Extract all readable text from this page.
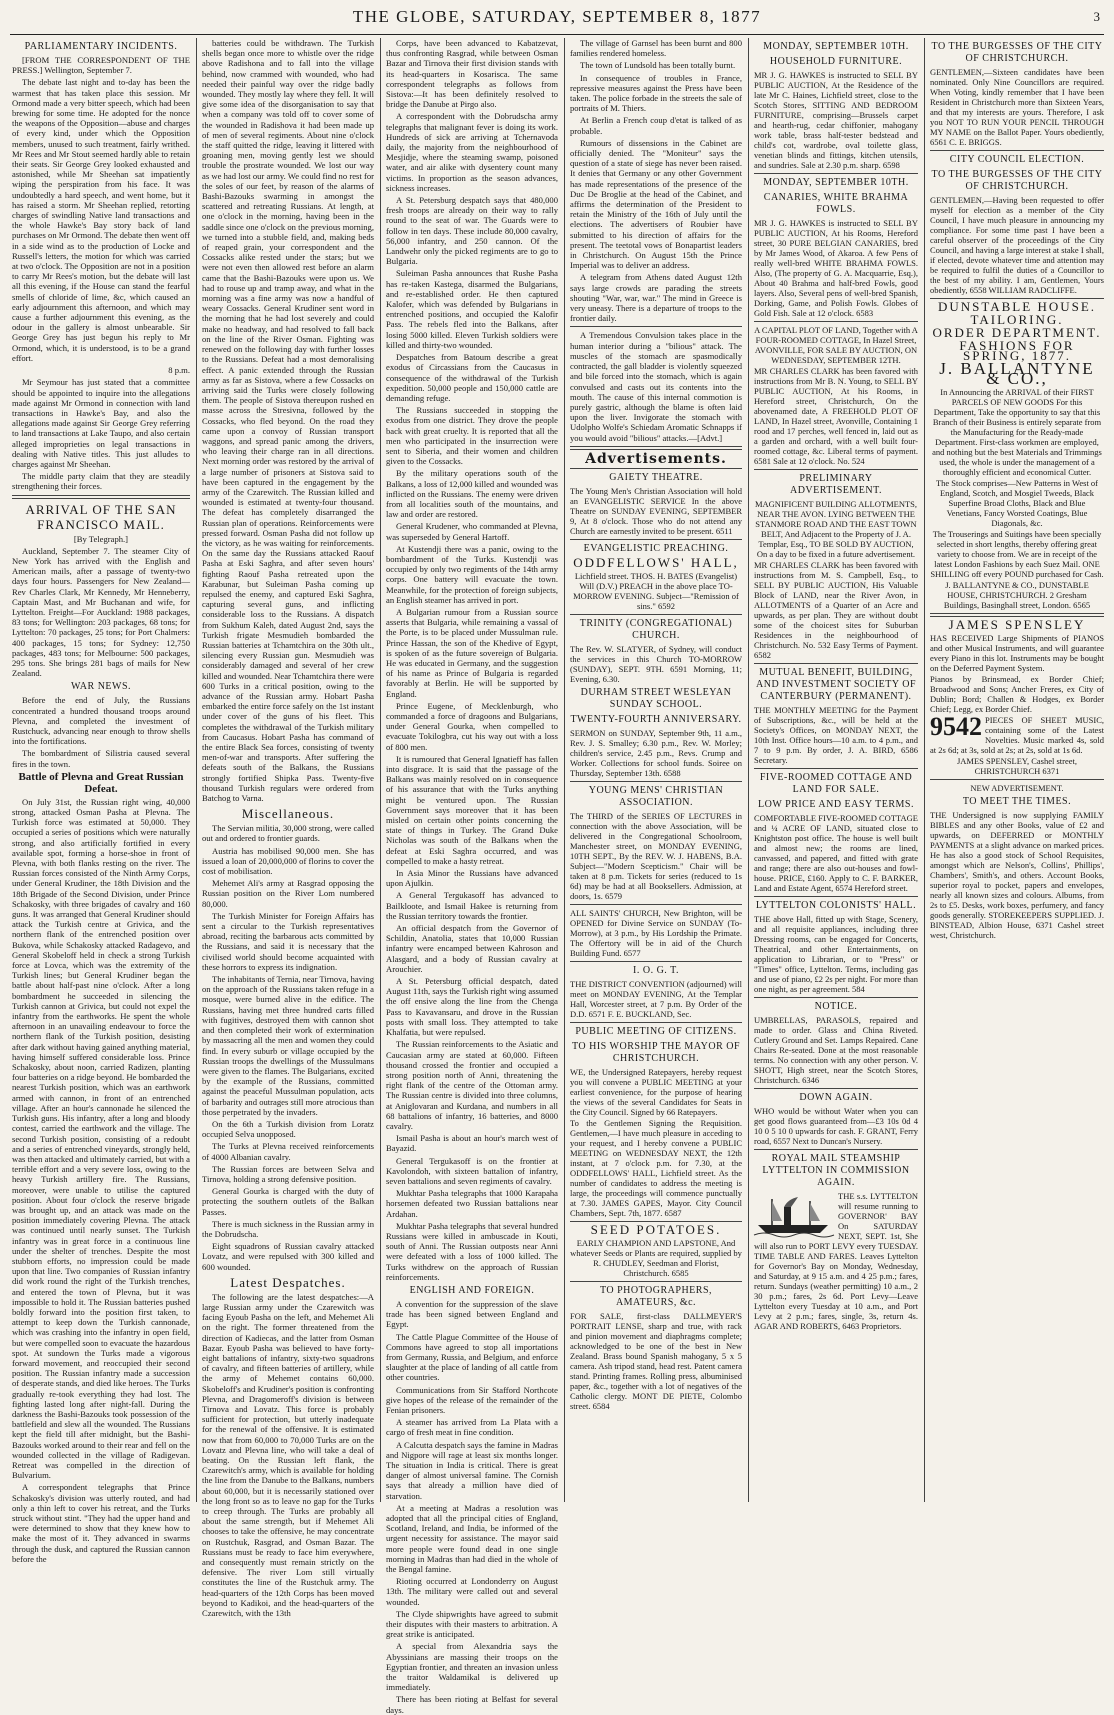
THE GLOBE, SATURDAY, SEPTEMBER 8, 1877	3
PARLIAMENTARY INCIDENTS.

[FROM THE CORRESPONDENT OF THE PRESS.] Wellington, September 7.

The debate last night and to-day has been the warmest that has taken place this session. Mr Ormond made a very bitter speech, which had been brewing for some time. He adopted for the nonce the weapons of the Opposition—abuse and charges of every kind, under which the Opposition members, unused to such treatment, fairly writhed. Mr Rees and Mr Stout seemed hardly able to retain their seats. Sir George Grey looked exhausted and astonished, while Mr Sheehan sat impatiently wiping the perspiration from his face. It was undoubtedly a hard speech, and went home, but it has raised a storm. Mr Sheehan replied, retorting charges of swindling Native land transactions and the whole Hawke's Bay story back of land purchases on Mr Ormond. The debate then went off in a side wind as to the production of Locke and Russell's letters, the motion for which was carried at two o'clock. The Opposition are not in a position to carry Mr Rees's motion, but the debate will last all this evening, if the House can stand the fearful smells of chloride of lime, &c, which caused an early adjournment this afternoon, and which may cause a further adjournment this evening, as the odour in the gallery is almost unbearable. Sir George Grey has just begun his reply to Mr Ormond, which, it is understood, is to be a grand effort.

8 p.m.

Mr Seymour has just stated that a committee should be appointed to inquire into the allegations made against Mr Ormond in connection with land transactions in Hawke's Bay, and also the allegations made against Sir George Grey referring to land transactions at Lake Taupo, and also certain alleged improprieties on legal transactions in dealing with Native titles. This just alludes to charges against Mr Sheehan.

The middle party claim that they are steadily strengthening their forces.

ARRIVAL OF THE SAN FRANCISCO MAIL.

[By Telegraph.]

Auckland, September 7. The steamer City of New York has arrived with the English and American mails, after a passage of twenty-two days four hours. Passengers for New Zealand—Rev Charles Clark, Mr Kennedy, Mr Henneberry, Captain Mast, and Mr Buchanan and wife, for Lyttelton. Freight—For Auckland: 1988 packages, 83 tons; for Wellington: 203 packages, 68 tons; for Lyttelton: 70 packages, 25 tons; for Port Chalmers: 400 packages, 15 tons; for Sydney: 12,750 packages, 483 tons; for Melbourne: 500 packages, 295 tons. She brings 281 bags of mails for New Zealand.

WAR NEWS.

Before the end of July, the Russians concentrated a hundred thousand troops around Plevna, and completed the investment of Rustchuck, advancing near enough to throw shells into the fortifications.

The bombardment of Silistria caused several fires in the town.

Battle of Plevna and Great Russian Defeat.

On July 31st, the Russian right wing, 40,000 strong, attacked Osman Pasha at Plevna. The Turkish force was estimated at 50,000. They occupied a series of positions which were naturally strong, and also artificially fortified in every available spot, forming a horse-shoe in front of Plevna, with both flanks resting on the river. The Russian forces consisted of the Ninth Army Corps, under General Krudiner, the 18th Division and the 18th Brigade of the Second Division, under Prince Schakosky, with three brigades of cavalry and 160 guns. It was arranged that General Krudiner should attack the Turkish centre at Grivica, and the northern flank of the entrenched position over Bukova, while Schakosky attacked Radagevo, and General Skobeloff held in check a strong Turkish force at Lovca, which was the extremity of the Turkish lines; but General Krudiner began the battle about half-past nine o'clock. After a long bombardment he succeeded in silencing the Turkish cannon at Grivica, but could not expel the infantry from the earthworks. He spent the whole afternoon in an unavailing endeavour to force the northern flank of the Turkish position, desisting after dark without having gained anything material, having himself suffered considerable loss. Prince Schakosky, about noon, carried Radizen, planting four batteries on a ridge beyond. He bombarded the nearest Turkish position, which was an earthwork armed with cannon, in front of an entrenched village. After an hour's cannonade he silenced the Turkish guns. His infantry, after a long and bloody contest, carried the earthwork and the village. The second Turkish position, consisting of a redoubt and a series of entrenched vineyards, strongly held, was then attacked and ultimately carried, but with a terrible effort and a very severe loss, owing to the heavy Turkish artillery fire. The Russians, moreover, were unable to utilise the captured position. About four o'clock the reserve brigade was brought up, and an attack was made on the position immediately covering Plevna. The attack was continued until nearly sunset. The Turkish infantry was in great force in a continuous line under the shelter of trenches. Despite the most stubborn efforts, no impression could be made upon that line. Two companies of Russian infantry did work round the right of the Turkish trenches, and entered the town of Plevna, but it was impossible to hold it. The Russian batteries pushed boldly forward into the position first taken, to attempt to keep down the Turkish cannonade, which was crashing into the infantry in open field, but were compelled soon to evacuate the hazardous spot. At sundown the Turks made a vigorous forward movement, and reoccupied their second position. The Russian infantry made a succession of desperate stands, and died like heroes. The Turks gradually re-took everything they had lost. The fighting lasted long after night-fall. During the darkness the Bashi-Bazouks took possession of the battlefield and slew all the wounded. The Russians kept the field till after midnight, but the Bashi-Bazouks worked around to their rear and fell on the wounded collected in the village of Radigevan. Retreat was compelled in the direction of Bulvarium.

A correspondent telegraphs that Prince Schakosky's division was utterly routed, and had only a thin left to cover his retreat, and the Turks struck without stint. "They had the upper hand and were determined to show that they knew how to make the most of it. They advanced in swarms through the dusk, and captured the Russian cannon before the

batteries could be withdrawn. The Turkish shells began once more to whistle over the ridge above Radishona and to fall into the village behind, now crammed with wounded, who had needed their painful way over the ridge badly wounded. They mostly lay where they fell. It will give some idea of the disorganisation to say that when a company was told off to cover some of the wounded in Radishova it had been made up of men of several regiments. About nine o'clock the staff quitted the ridge, leaving it littered with groaning men, moving gently lest we should trouble the prostrate wounded. We lost our way as we had lost our army. We could find no rest for the soles of our feet, by reason of the alarms of Bashi-Bazouks swarming in amongst the scattered and retreating Russians. At length, at one o'clock in the morning, having been in the saddle since one o'clock on the previous morning, we turned into a stubble field, and, making beds of reaped grain, your correspondent and the Cossacks alike rested under the stars; but we were not even then allowed rest before an alarm came that the Bashi-Bazouks were upon us. We had to rouse up and tramp away, and what in the morning was a fine army was now a handful of weary Cossacks. General Krudiner sent word in the morning that he had lost severely and could make no headway, and had resolved to fall back on the line of the River Osman. Fighting was renewed on the following day with further losses to the Russians. Defeat had a most demoralising effect. A panic extended through the Russian army as far as Sistova, where a few Cossacks on arriving said the Turks were closely following them. The people of Sistova thereupon rushed en masse across the Stresivna, followed by the Cossacks, who fled beyond. On the road they came upon a convoy of Russian transport waggons, and spread panic among the drivers, who leaving their charge ran in all directions. Next morning order was restored by the arrival of a large number of prisoners at Sistova said to have been captured in the engagement by the army of the Czarewitch. The Russian killed and wounded is estimated at twenty-four thousand. The defeat has completely disarranged the Russian plan of operations. Reinforcements were pressed forward. Osman Pasha did not follow up the victory, as he was waiting for reinforcements. On the same day the Russians attacked Raouf Pasha at Eski Saghra, and after seven hours' fighting Raouf Pasha retreated upon the Karabunar, but Suleiman Pasha coming up repulsed the enemy, and captured Eski Saghra, capturing several guns, and inflicting considerable loss to the Russians. A dispatch from Sukhum Kaleh, dated August 2nd, says the Turkish frigate Mesmudieh bombarded the Russian batteries at Tchamtchira on the 30th ult., silencing every Russian gun. Mesmudieh was considerably damaged and several of her crew killed and wounded. Near Tchamtchira there were 600 Turks in a critical position, owing to the advance of the Russian army. Hobart Pasha embarked the entire force safely on the 1st instant under cover of the guns of his fleet. This completes the withdrawal of the Turkish military from Caucasus. Hobart Pasha has command of the entire Black Sea forces, consisting of twenty men-of-war and transports. After suffering the defeats south of the Balkans, the Russians strongly fortified Shipka Pass. Twenty-five thousand Turkish regulars were ordered from Batchog to Varna.

Miscellaneous.

The Servian militia, 30,000 strong, were called out and ordered to frontier guards.

Austria has mobilised 90,000 men. She has issued a loan of 20,000,000 of florins to cover the cost of mobilisation.

Mehemet Ali's army at Rasgrad opposing the Russian position on the River Lom numbered 80,000.

The Turkish Minister for Foreign Affairs has sent a circular to the Turkish representatives abroad, reciting the barbarous acts committed by the Russians, and said it is necessary that the civilised world should become acquainted with these horrors to express its indignation.

The inhabitants of Ternia, near Tirnova, having on the approach of the Russians taken refuge in a mosque, were burned alive in the edifice. The Russians, having met three hundred carts filled with fugitives, destroyed them with cannon shot and then completed their work of extermination by massacring all the men and women they could find. In every suburb or village occupied by the Russian troops the dwellings of the Mussulmans were given to the flames. The Bulgarians, excited by the example of the Russians, committed against the peaceful Mussulman population, acts of barbarity and outrages still more atrocious than those perpetrated by the invaders.

On the 6th a Turkish division from Loratz occupied Selva unopposed.

The Turks at Plevna received reinforcements of 4000 Albanian cavalry.

The Russian forces are between Selva and Tirnova, holding a strong defensive position.

General Gourka is charged with the duty of protecting the southern outlets of the Balkan Passes.

There is much sickness in the Russian army in the Dobrudscha.

Eight squadrons of Russian cavalry attacked Lovatz, and were repulsed with 300 killed and 600 wounded.

Latest Despatches.

The following are the latest despatches:—A large Russian army under the Czarewitch was facing Eyoub Pasha on the left, and Mehemet Ali on the right. The former threatened from the direction of Kadiecas, and the latter from Osman Bazar. Eyoub Pasha was believed to have forty-eight battalions of infantry, sixty-two squadrons of cavalry, and fifteen batteries of artillery, while the army of Mehemet contains 60,000. Skobeloff's and Krudiner's position is confronting Plevna, and Dragomeroff's division is between Tirnova and Lovatz. This force is probably sufficient for protection, but utterly inadequate for the renewal of the offensive. It is estimated now that from 60,000 to 70,000 Turks are on the Lovatz and Plevna line, who will take a deal of beating. On the Russian left flank, the Czarewitch's army, which is available for holding the line from the Danube to the Balkans, numbers about 60,000, but it is necessarily stationed over the long front so as to leave no gap for the Turks to creep through. The Turks are probably all about the same strength, but if Mehemet Ali chooses to take the offensive, he may concentrate on Rustchuk, Rasgrad, and Osman Bazar. The Russians must be ready to face him everywhere, and consequently must remain strictly on the defensive. The river Lom still virtually constitutes the line of the Rustchuk army. The head-quarters of the 12th Corps has been moved beyond to Kadikoi, and the head-quarters of the Czarewitch, with the 13th

Corps, have been advanced to Kabatzevat, thus confronting Rasgrad, while between Osman Bazar and Tirnova their first division stands with its head-quarters in Kosarisca. The same correspondent telegraphs as follows from Sistova:—It has been definitely resolved to bridge the Danube at Pirgo also.

A correspondent with the Dobrudscha army telegraphs that malignant fever is doing its work. Hundreds of sick are arriving at Tchernavoda daily, the majority from the neighbourhood of Mesjidje, where the steaming swamp, poisoned water, and air alike with dysentery count many victims. In proportion as the season advances, sickness increases.

A St. Petersburg despatch says that 480,000 fresh troops are already on their way to rally round to the seat of war. The Guards were to follow in ten days. These include 80,000 cavalry, 56,000 infantry, and 250 cannon. Of the Landwehr only the picked regiments are to go to Bulgaria.

Suleiman Pasha announces that Rushe Pasha has re-taken Kastega, disarmed the Bulgarians, and re-established order. He then captured Kalofer, which was defended by Bulgarians in entrenched positions, and occupied the Kalofir Pass. The rebels fled into the Balkans, after losing 5000 killed. Eleven Turkish soldiers were killed and thirty-two wounded.

Despatches from Batoum describe a great exodus of Circassians from the Caucasus in consequence of the withdrawal of the Turkish expedition. 50,000 people and 150,000 cattle are demanding refuge.

The Russians succeeded in stopping the exodus from one district. They drove the people back with great cruelty. It is reported that all the men who participated in the insurrection were sent to Siberia, and their women and children given to the Cossacks.

By the military operations south of the Balkans, a loss of 12,000 killed and wounded was inflicted on the Russians. The enemy were driven from all localities south of the mountains, and law and order are restored.

General Krudener, who commanded at Plevna, was superseded by General Hartoff.

At Kustendji there was a panic, owing to the bombardment of the Turks. Kustendji was occupied by only two regiments of the 14th army corps. One battery will evacuate the town. Meanwhile, for the protection of foreign subjects, an English steamer has arrived in port.

A Bulgarian rumour from a Russian source asserts that Bulgaria, while remaining a vassal of the Porte, is to be placed under Mussulman rule. Prince Hassan, the son of the Khedive of Egypt, is spoken of as the future sovereign of Bulgaria. He was educated in Germany, and the suggestion of his name as Prince of Bulgaria is regarded favorably at Berlin. He will be supported by England.

Prince Eugene, of Mecklenburgh, who commanded a force of dragoons and Bulgarians, under General Gourka, when compelled to evacuate Tokilogbra, cut his way out with a loss of 800 men.

It is rumoured that General Ignatieff has fallen into disgrace. It is said that the passage of the Balkans was mainly resolved on in consequence of his assurance that with the Turks anything might be ventured upon. The Russian Government says moreover that it has been misled on certain other points concerning the state of things in Turkey. The Grand Duke Nicholas was south of the Balkans when the defeat at Eski Saghra occurred, and was compelled to make a hasty retreat.

In Asia Minor the Russians have advanced upon Ajulkin.

A General Tergukasoff has advanced to Bailkloote, and Ismail Hakee is returning from the Russian territory towards the frontier.

An official despatch from the Governor of Schildin, Anatolia, states that 10,000 Russian infantry were encamped between Kahroson and Alasgard, and a body of Russian cavalry at Arouchier.

A St. Petersburg official despatch, dated August 11th, says the Turkish right wing assumed the off ensive along the line from the Chenga Pass to Kavavansaru, and drove in the Russian posts with small loss. They attempted to take Khalfatia, but were repulsed.

The Russian reinforcements to the Asiatic and Caucasian army are stated at 60,000. Fifteen thousand crossed the frontier and occupied a strong position north of Anni, threatening the right flank of the centre of the Ottoman army. The Russian centre is divided into three columns, at Aniglovaran and Kurdana, and numbers in all 68 battalions of infantry, 16 batteries, and 8000 cavalry.

Ismail Pasha is about an hour's march west of Bayazid.

General Tergukasoff is on the frontier at Kavolondoh, with sixteen battalion of infantry, seven battalions and seven regiments of cavalry.

Mukhtar Pasha telegraphs that 1000 Karapaha horsemen defeated two Russian battalions near Ardahan.

Mukhtar Pasha telegraphs that several hundred Russians were killed in ambuscade in Kouti, south of Anni. The Russian outposts near Anni were defeated with a loss of 1000 killed. The Turks withdrew on the approach of Russian reinforcements.

ENGLISH AND FOREIGN.

A convention for the suppression of the slave trade has been signed between England and Egypt.

The Cattle Plague Committee of the House of Commons have agreed to stop all importations from Germany, Russia, and Belgium, and enforce slaughter at the place of landing of all cattle from other countries.

Communications from Sir Stafford Northcote give hopes of the release of the remainder of the Fenian prisoners.

A steamer has arrived from La Plata with a cargo of fresh meat in fine condition.

A Calcutta despatch says the famine in Madras and Nigpore will rage at least six months longer. The situation in India is critical. There is great danger of almost universal famine. The Cornish says that already a million have died of starvation.

At a meeting at Madras a resolution was adopted that all the principal cities of England, Scotland, Ireland, and India, be informed of the urgent necessity for assistance. The mayor said more people were found dead in one single morning in Madras than had died in the whole of the Bengal famine.

Rioting occurred at Londonderry on August 13th. The military were called out and several wounded.

The Clyde shipwrights have agreed to submit their disputes with their masters to arbitration. A great strike is anticipated.

A special from Alexandria says the Abyssinians are massing their troops on the Egyptian frontier, and threaten an invasion unless the traitor Waldamikal is delivered up immediately.

There has been rioting at Belfast for several days.

The village of Garnsel has been burnt and 800 families rendered homeless.

The town of Lundsold has been totally burnt.

In consequence of troubles in France, repressive measures against the Press have been taken. The police forbade in the streets the sale of portraits of M. Thiers.

At Berlin a French coup d'etat is talked of as probable.

Rumours of dissensions in the Cabinet are officially denied. The "Moniteur" says the question of a state of siege has never been raised. It denies that Germany or any other Government has made representations of the presence of the Duc De Broglie at the head of the Cabinet, and affirms the determination of the President to retain the Ministry of the 16th of July until the elections. The advertisers of Roubier have submitted to his direction of affairs for the present. The teetotal vows of Bonapartist leaders in Christchurch. On August 15th the Prince Imperial was to deliver an address.

A telegram from Athens dated August 12th says large crowds are parading the streets shouting "War, war, war." The mind in Greece is very uneasy. There is a departure of troops to the frontier daily.

A Tremendous Convulsion takes place in the human interior during a "bilious" attack. The muscles of the stomach are spasmodically contracted, the gall bladder is violently squeezed and bile forced into the stomach, which is again convulsed and casts out its contents into the mouth. The cause of this internal commotion is purely gastric, although the blame is often laid upon the liver. Invigorate the stomach with Udolpho Wolfe's Schiedam Aromatic Schnapps if you would avoid "bilious" attacks.—[Advt.]

Advertisements.
GAIETY THEATRE.

The Young Men's Christian Association will hold an EVANGELISTIC SERVICE In the above Theatre on SUNDAY EVENING, SEPTEMBER 9, At 8 o'clock. Those who do not attend any Church are earnestly invited to be present. 6511

EVANGELISTIC PREACHING.
ODDFELLOWS' HALL,

Lichfield street. THOS. H. BATES (Evangelist) Will (D.V.) PREACH in the above place TO-MORROW EVENING. Subject—"Remission of sins." 6592

TRINITY (CONGREGATIONAL) CHURCH.

The Rev. W. SLATYER, of Sydney, will conduct the services in this Church TO-MORROW (SUNDAY), SEPT. 9TH. 6591 Morning, 11; Evening, 6.30.

DURHAM STREET WESLEYAN SUNDAY SCHOOL.
TWENTY-FOURTH ANNIVERSARY.

SERMON on SUNDAY, September 9th, 11 a.m., Rev. J. S. Smalley; 6.30 p.m., Rev. W. Morley; children's service, 2.45 p.m., Revs. Crump and Worker. Collections for school funds. Soiree on Thursday, September 13th. 6588

YOUNG MENS' CHRISTIAN ASSOCIATION.

The THIRD of the SERIES OF LECTURES in connection with the above Association, will be delivered in the Congregational Schoolroom, Manchester street, on MONDAY EVENING, 10TH SEPT., By the REV. W. J. HABENS, B.A. Subject—"Modern Scepticism." Chair will be taken at 8 p.m. Tickets for series (reduced to 1s 6d) may be had at all Booksellers. Admission, at doors, 1s. 6579

ALL SAINTS' CHURCH, New Brighton, will be OPENED for Divine Service on SUNDAY (To-Morrow), at 3 p.m., by His Lordship the Primate. The Offertory will be in aid of the Church Building Fund. 6577

I. O. G. T.

THE DISTRICT CONVENTION (adjourned) will meet on MONDAY EVENING, At the Templar Hall, Worcester street, at 7 p.m. By Order of the D.D. 6571 F. E. BUCKLAND, Sec.

PUBLIC MEETING OF CITIZENS.
TO HIS WORSHIP THE MAYOR OF CHRISTCHURCH.

WE, the Undersigned Ratepayers, hereby request you will convene a PUBLIC MEETING at your earliest convenience, for the purpose of hearing the views of the several Candidates for Seats in the City Council. Signed by 66 Ratepayers.

To the Gentlemen Signing the Requisition. Gentlemen,—I have much pleasure in acceding to your request, and I hereby convene a PUBLIC MEETING on WEDNESDAY NEXT, the 12th instant, at 7 o'clock p.m. for 7.30, at the ODDFELLOWS' HALL, Lichfield street. As the number of candidates to address the meeting is large, the proceedings will commence punctually at 7.30. JAMES GAPES, Mayor. City Council Chambers, Sept. 7th, 1877. 6587

SEED POTATOES.

EARLY CHAMPION AND LAPSTONE, And whatever Seeds or Plants are required, supplied by R. CHUDLEY, Seedman and Florist, Christchurch. 6585

TO PHOTOGRAPHERS, AMATEURS, &c.

FOR SALE, first-class DALLMEYER'S PORTRAIT LENSE, sharp and true, with rack and pinion movement and diaphragms complete; acknowledged to be one of the best in New Zealand. Brass bound Spanish mahogany, 5 x 5 camera. Ash tripod stand, head rest. Patent camera stand. Printing frames. Rolling press, albuminised paper, &c., together with a lot of negatives of the Catholic clergy. MONT DE PIETE, Colombo street. 6584

MONDAY, SEPTEMBER 10TH.
HOUSEHOLD FURNITURE.

MR J. G. HAWKES is instructed to SELL BY PUBLIC AUCTION, At the Residence of the late Mr C. Haines, Lichfield street, close to the Scotch Stores, SITTING AND BEDROOM FURNITURE, comprising—Brussels carpet and hearth-rug, cedar chiffonier, mahogany work table, brass half-tester bedstead and child's cot, wardrobe, oval toilette glass, venetian blinds and fittings, kitchen utensils, and sundries. Sale at 2.30 p.m. sharp. 6598

MONDAY, SEPTEMBER 10TH.
CANARIES, WHITE BRAHMA FOWLS.

MR J. G. HAWKES is instructed to SELL BY PUBLIC AUCTION, At his Rooms, Hereford street, 30 PURE BELGIAN CANARIES, bred by Mr James Wood, of Akaroa. A few Pens of really well-bred WHITE BRAHMA FOWLS. Also, (The property of G. A. Macquarrie, Esq.), About 40 Brahma and half-bred Fowls, good layers. Also, Several pens of well-bred Spanish, Dorking, Game, and Polish Fowls. Globes of Gold Fish. Sale at 12 o'clock. 6583

A CAPITAL PLOT OF LAND, Together with A FOUR-ROOMED COTTAGE, In Hazel Street, AVONVILLE, FOR SALE BY AUCTION, ON WEDNESDAY, SEPTEMBER 12TH.

MR CHARLES CLARK has been favored with instructions from Mr B. N. Young, to SELL BY PUBLIC AUCTION, At his Rooms, in Hereford street, Christchurch, On the abovenamed date, A FREEHOLD PLOT OF LAND, In Hazel street, Avonville, Containing 1 rood and 17 perches, well fenced in, laid out as a garden and orchard, with a well built four-roomed cottage, &c. Liberal terms of payment. 6581 Sale at 12 o'clock. No. 524

PRELIMINARY ADVERTISEMENT.

MAGNIFICENT BUILDING ALLOTMENTS, NEAR THE AVON. LYING BETWEEN THE STANMORE ROAD AND THE EAST TOWN BELT, And Adjacent to the Property of J. A. Templar, Esq., TO BE SOLD BY AUCTION, On a day to be fixed in a future advertisement.

MR CHARLES CLARK has been favored with instructions from M. S. Campbell, Esq., to SELL BY PUBLIC AUCTION, His Valuable Block of LAND, near the River Avon, in ALLOTMENTS of a Quarter of an Acre and upwards, as per plan. They are without doubt some of the choicest sites for Suburban Residences in the neighbourhood of Christchurch. No. 532 Easy Terms of Payment. 6582

MUTUAL BENEFIT, BUILDING, AND INVESTMENT SOCIETY OF CANTERBURY (PERMANENT).

THE MONTHLY MEETING for the Payment of Subscriptions, &c., will be held at the Society's Offices, on MONDAY NEXT, the 10th Inst. Office hours—10 a.m. to 4 p.m., and 7 to 9 p.m. By order, J. A. BIRD, 6586 Secretary.

FIVE-ROOMED COTTAGE AND LAND FOR SALE.
LOW PRICE AND EASY TERMS.

COMFORTABLE FIVE-ROOMED COTTAGE and ¼ ACRE OF LAND, situated close to Knightston post office. The house is well built and almost new; the rooms are lined, canvassed, and papered, and fitted with grate and range; there are also out-houses and fowl-house. PRICE, £160. Apply to C. F. BARKER, Land and Estate Agent, 6574 Hereford street.

LYTTELTON COLONISTS' HALL.

THE above Hall, fitted up with Stage, Scenery, and all requisite appliances, including three Dressing rooms, can be engaged for Concerts, Theatrical, and other Entertainments, on application to Librarian, or to "Press" or "Times" office, Lyttelton. Terms, including gas and use of piano, £2 2s per night. For more than one night, as per agreement. 584

NOTICE.

UMBRELLAS, PARASOLS, repaired and made to order. Glass and China Riveted. Cutlery Ground and Set. Lamps Repaired. Cane Chairs Re-seated. Done at the most reasonable terms. No connection with any other person. V. SHOTT, High street, near the Scotch Stores, Christchurch. 6346

DOWN AGAIN.

WHO would be without Water when you can get good flows guaranteed from—£3 10s 0d 4 10 0 5 10 0 upwards for cash. F. GRANT, Ferry road, 6557 Next to Duncan's Nursery.

ROYAL MAIL STEAMSHIP LYTTELTON IN COMMISSION AGAIN.

THE s.s. LYTTELTON will resume running to GOVERNOR' BAY On SATURDAY NEXT, SEPT. 1st, She will also run to PORT LEVY every TUESDAY. TIME TABLE AND FARES. Leaves Lyttelton for Governor's Bay on Monday, Wednesday, and Saturday, at 9 15 a.m. and 4 25 p.m.; fares, return. Sundays (weather permitting) 10 a.m., 2 30 p.m.; fares, 2s 6d. Port Levy—Leave Lyttelton every Tuesday at 10 a.m., and Port Levy at 2 p.m.; fares, single, 3s, return 4s. AGAR AND ROBERTS, 6463 Proprietors.

TO THE BURGESSES OF THE CITY OF CHRISTCHURCH.

GENTLEMEN,—Sixteen candidates have been nominated. Only Nine Councillors are required. When Voting, kindly remember that I have been Resident in Christchurch more than Sixteen Years, and that my interests are yours. Therefore, I ask you NOT TO RUN YOUR PENCIL THROUGH MY NAME on the Ballot Paper. Yours obediently, 6561 C. E. BRIGGS.

CITY COUNCIL ELECTION.
TO THE BURGESSES OF THE CITY OF CHRISTCHURCH.

GENTLEMEN,—Having been requested to offer myself for election as a member of the City Council, I have much pleasure in announcing my compliance. For some time past I have been a careful observer of the proceedings of the City Council, and having a large interest at stake I shall, if elected, devote whatever time and attention may be required to fulfil the duties of a Councillor to the best of my ability. I am, Gentlemen, Yours obediently, 6558 WILLIAM RADCLIFFE.

DUNSTABLE HOUSE.
TAILORING.
ORDER DEPARTMENT.
FASHIONS FOR SPRING, 1877.
J. BALLANTYNE & CO.,

In Announcing the ARRIVAL of their FIRST PARCELS OF NEW GOODS For this Department, Take the opportunity to say that this Branch of their Business is entirely separate from the Manufacturing for the Ready-made Department. First-class workmen are employed, and nothing but the best Materials and Trimmings used, the whole is under the management of a thoroughly efficient and economical Cutter.

The Stock comprises—New Patterns in West of England, Scotch, and Mosgiel Tweeds, Black Superfine Broad Cloths, Black and Blue Venetians, Fancy Worsted Coatings, Blue Diagonals, &c.

The Trouserings and Suitings have been specially selected in short lengths, thereby offering great variety to choose from. We are in receipt of the latest London Fashions by each Suez Mail. ONE SHILLING off every POUND purchased for Cash.

J. BALLANTYNE & CO., DUNSTABLE HOUSE, CHRISTCHURCH. 2 Gresham Buildings, Basinghall street, London. 6565

JAMES SPENSLEY

HAS RECEIVED Large Shipments of PIANOS and other Musical Instruments, and will guarantee every Piano in this lot. Instruments may be bought on the Deferred Payment System.

Pianos by Brinsmead, ex Border Chief; Broadwood and Sons; Ancher Freres, ex City of Dublin; Bord; Challen & Hodges, ex Border Chief; Legg, ex Border Chief.

9542 PIECES OF SHEET MUSIC, containing some of the Latest Novelties. Music marked 4s, sold at 2s 6d; at 3s, sold at 2s; at 2s, sold at 1s 6d.

JAMES SPENSLEY, Cashel street, CHRISTCHURCH 6371

NEW ADVERTISEMENT.

TO MEET THE TIMES.

THE Undersigned is now supplying FAMILY BIBLES and any other Books, value of £2 and upwards, on DEFERRED or MONTHLY PAYMENTS at a slight advance on marked prices. He has also a good stock of School Requisites, amongst which are Nelson's, Collins', Phillips', Chambers', Smith's, and others. Account Books, superior royal to pocket, papers and envelopes, nearly all known sizes and colours. Albums, from 2s to £5. Desks, work boxes, perfumery, and fancy goods generally. STOREKEEPERS SUPPLIED. J. BINSTEAD, Albion House, 6371 Cashel street west, Christchurch.
